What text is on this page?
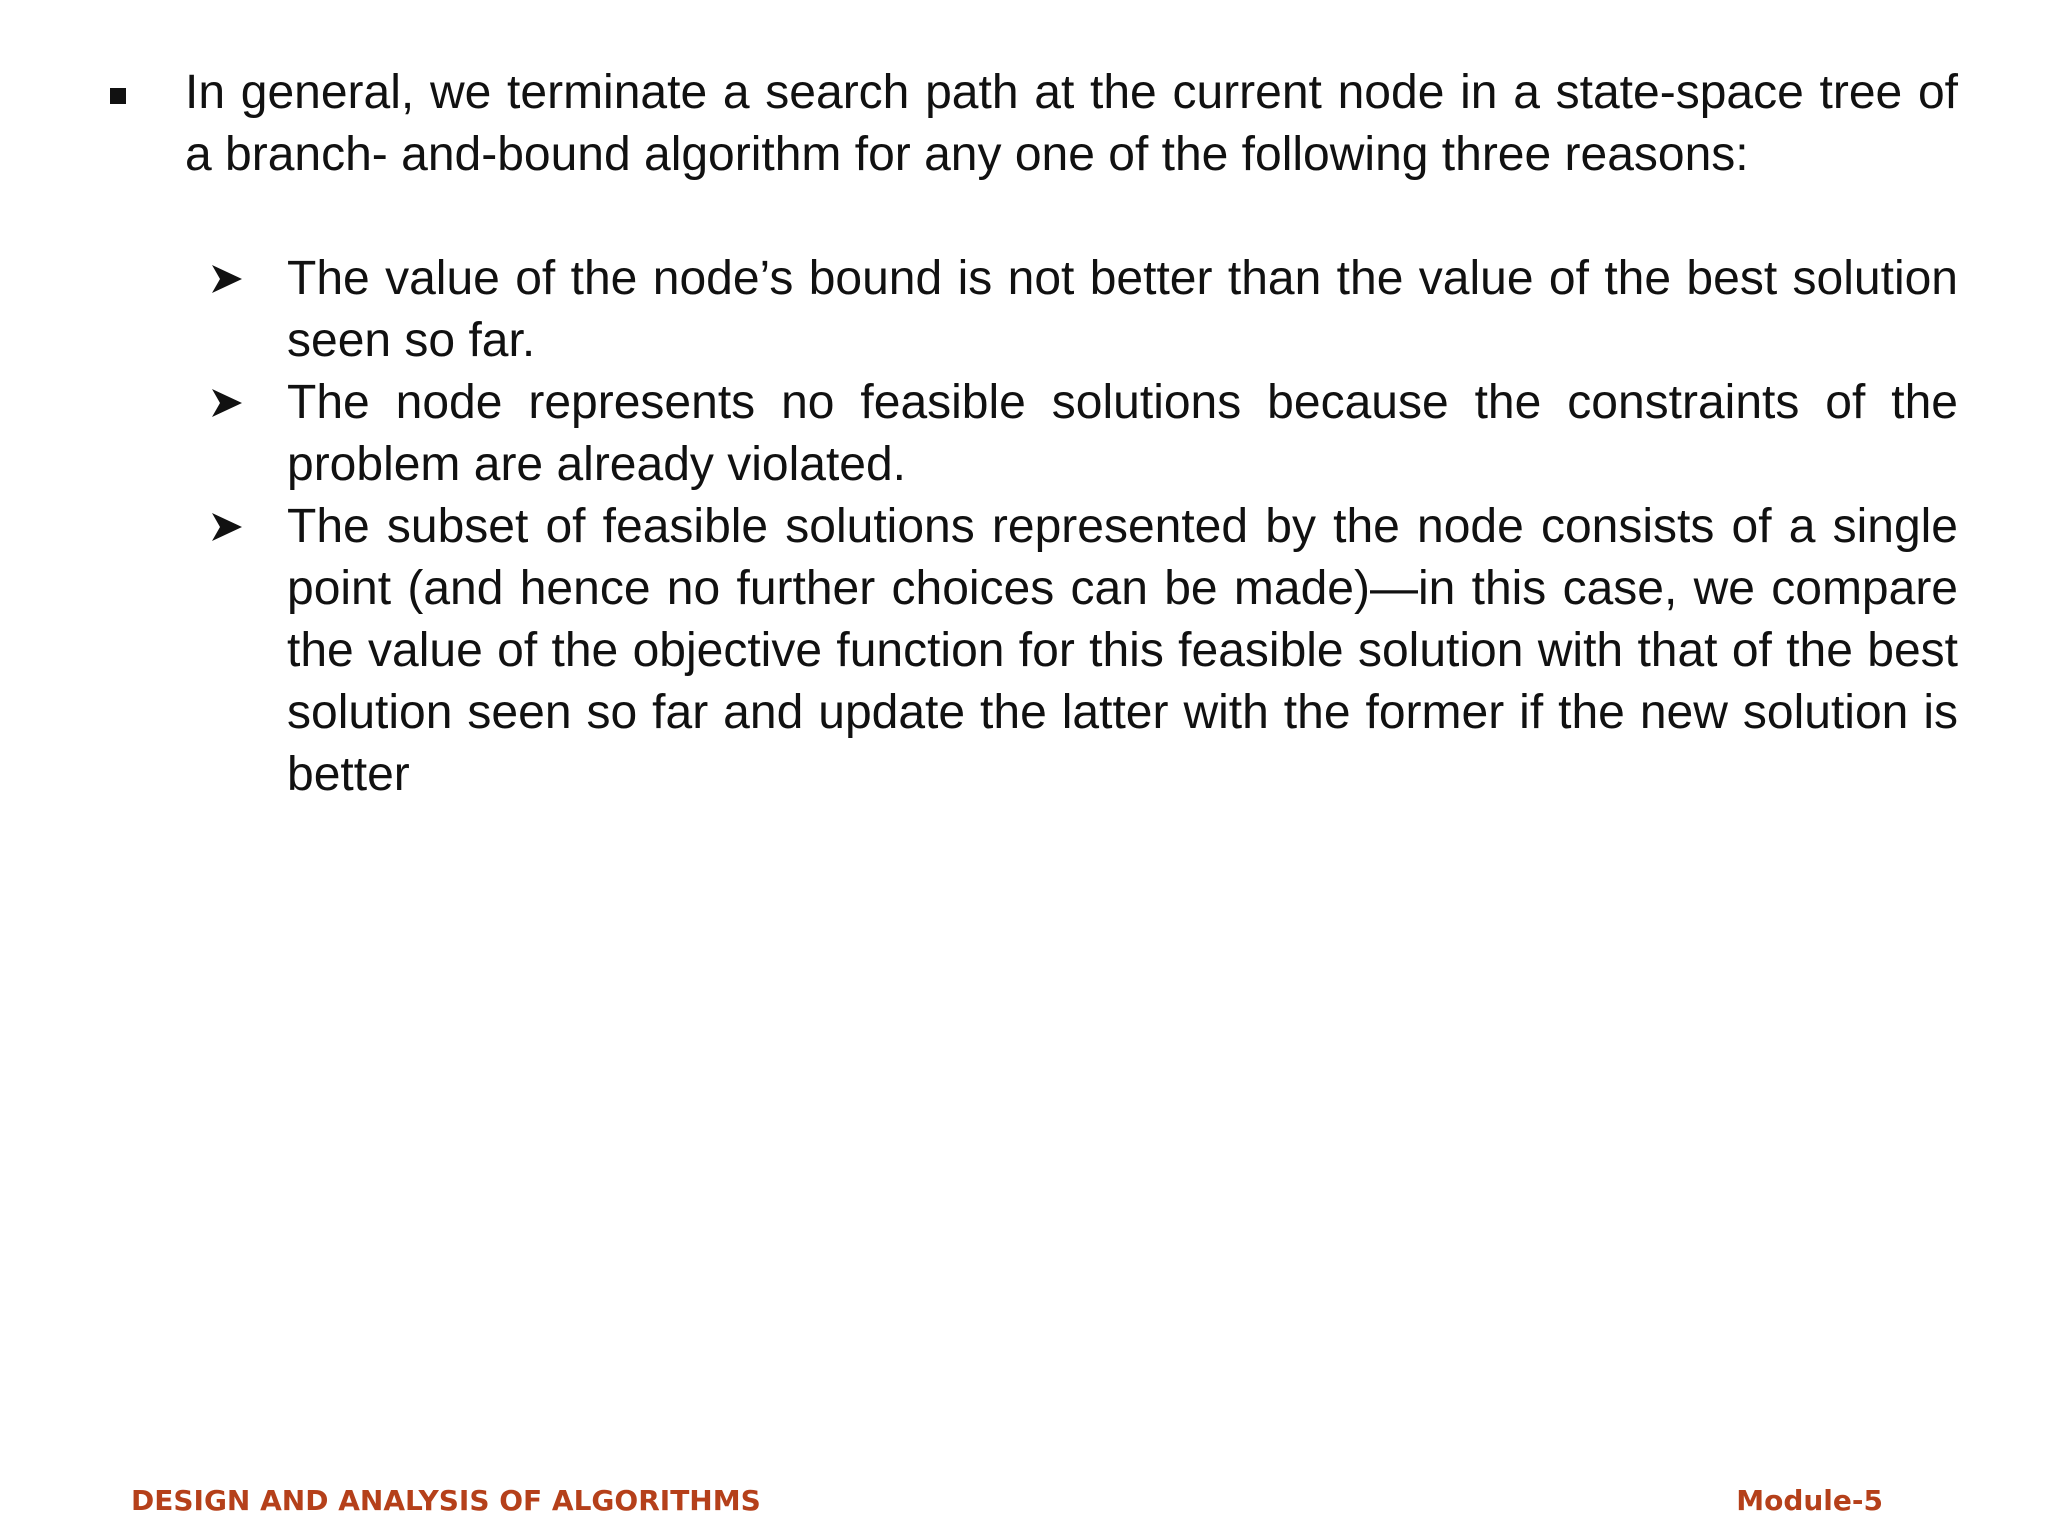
In general, we terminate a search path at the current node in a state-space tree of a branch- and-bound algorithm for any one of the following three reasons:

The value of the node’s bound is not better than the value of the best solution seen so far.
The node represents no feasible solutions because the constraints of the problem are already violated.
The subset of feasible solutions represented by the node consists of a single point (and hence no further choices can be made)—in this case, we compare the value of the objective function for this feasible solution with that of the best solution seen so far and update the latter with the former if the new solution is better
DESIGN AND ANALYSIS OF ALGORITHMS	Module-5
